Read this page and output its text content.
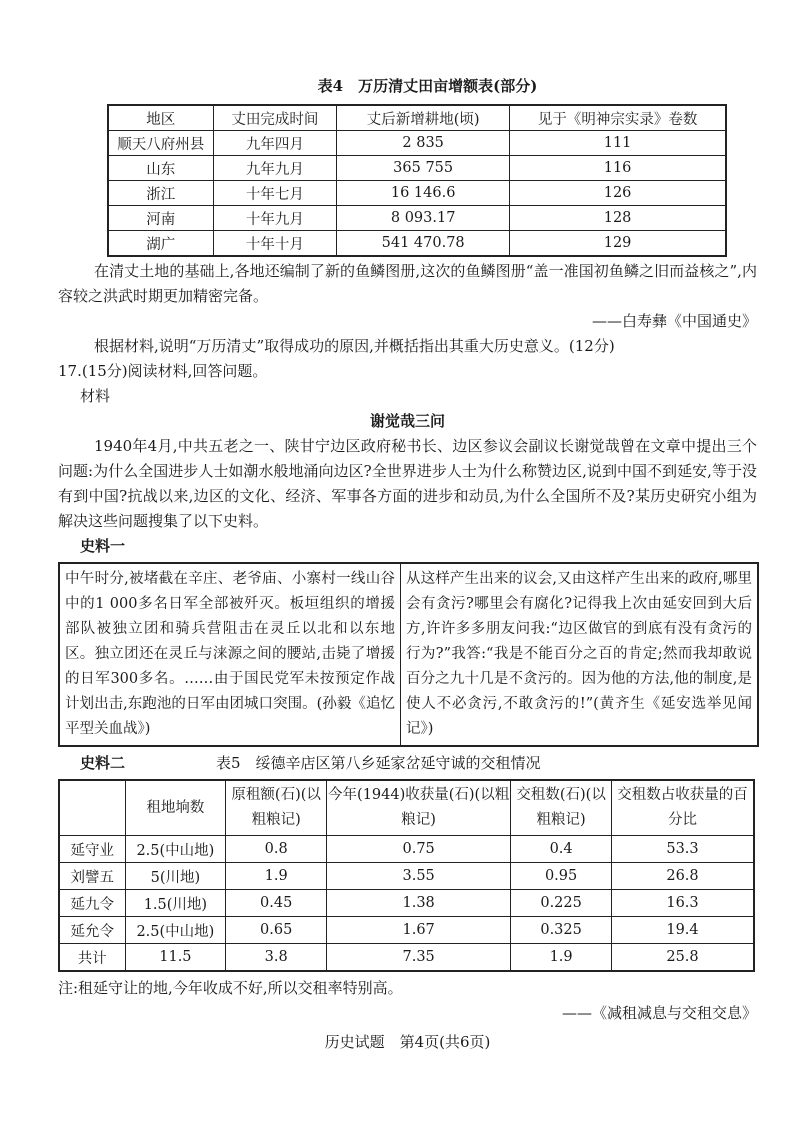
表4　万历清丈田亩增额表(部分)
地区	丈田完成时间	丈后新增耕地(顷)	见于《明神宗实录》卷数
顺天八府州县	九年四月	2 835	111
山东	九年九月	365 755	116
浙江	十年七月	16 146.6	126
河南	十年九月	8 093.17	128
湖广	十年十月	541 470.78	129
在清丈土地的基础上,各地还编制了新的鱼鳞图册,这次的鱼鳞图册“盖一准国初鱼鳞之旧而益核之”,内容较之洪武时期更加精密完备。
——白寿彝《中国通史》
根据材料,说明“万历清丈”取得成功的原因,并概括指出其重大历史意义。(12分)
17.(15分)阅读材料,回答问题。
材料
谢觉哉三问
1940年4月,中共五老之一、陕甘宁边区政府秘书长、边区参议会副议长谢觉哉曾在文章中提出三个问题:为什么全国进步人士如潮水般地涌向边区?全世界进步人士为什么称赞边区,说到中国不到延安,等于没有到中国?抗战以来,边区的文化、经济、军事各方面的进步和动员,为什么全国所不及?某历史研究小组为解决这些问题搜集了以下史料。
史料一
中午时分,被堵截在辛庄、老爷庙、小寨村一线山谷中的1 000多名日军全部被歼灭。板垣组织的增援部队被独立团和骑兵营阻击在灵丘以北和以东地区。独立团还在灵丘与涞源之间的腰站,击毙了增援的日军300多名。……由于国民党军未按预定作战计划出击,东跑池的日军由团城口突围。(孙毅《追忆平型关血战》)
从这样产生出来的议会,又由这样产生出来的政府,哪里会有贪污?哪里会有腐化?记得我上次由延安回到大后方,许许多多朋友问我:“边区做官的到底有没有贪污的行为?”我答:“我是不能百分之百的肯定;然而我却敢说百分之九十几是不贪污的。因为他的方法,他的制度,是使人不必贪污,不敢贪污的!”(黄齐生《延安选举见闻记》)
史料二	表5　绥德辛店区第八乡延家岔延守诚的交租情况
	租地垧数	原租额(石)(以粗粮记)	今年(1944)收获量(石)(以粗粮记)	交租数(石)(以粗粮记)	交租数占收获量的百分比
延守业	2.5(中山地)	0.8	0.75	0.4	53.3
刘譬五	5(川地)	1.9	3.55	0.95	26.8
延九令	1.5(川地)	0.45	1.38	0.225	16.3
延允令	2.5(中山地)	0.65	1.67	0.325	19.4
共计	11.5	3.8	7.35	1.9	25.8
注:租延守让的地,今年收成不好,所以交租率特别高。
——《减租减息与交租交息》
历史试题　第4页(共6页)
